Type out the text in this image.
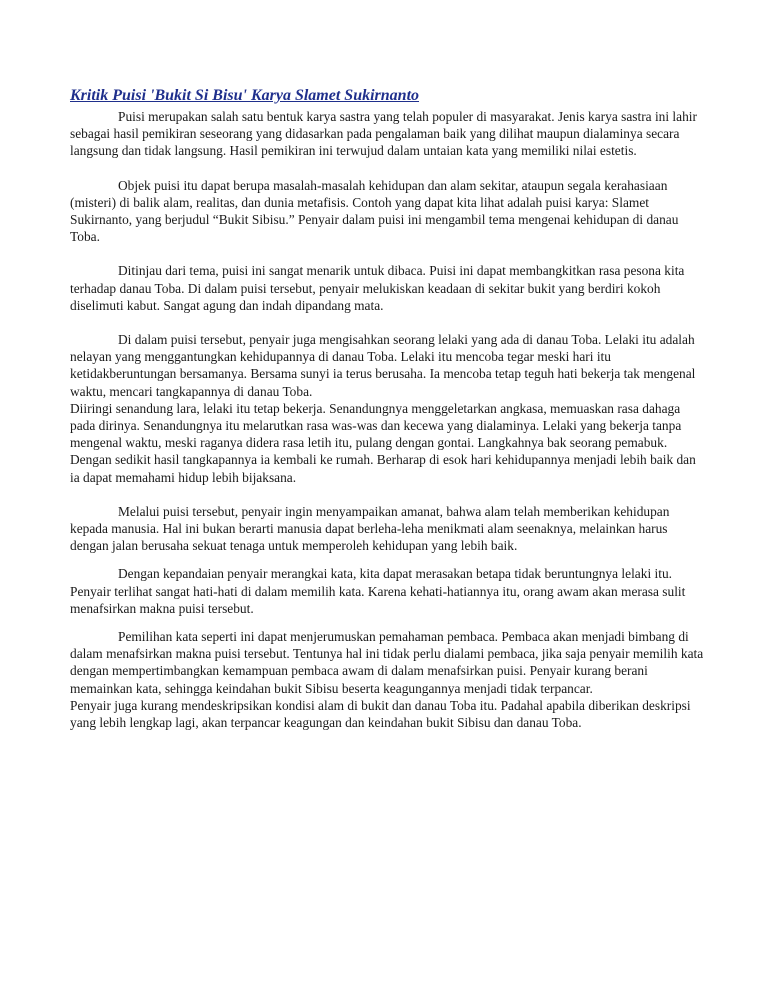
Kritik Puisi 'Bukit Si Bisu' Karya Slamet Sukirnanto

Puisi merupakan salah satu bentuk karya sastra yang telah populer di masyarakat. Jenis karya sastra ini lahir sebagai hasil pemikiran seseorang yang didasarkan pada pengalaman baik yang dilihat maupun dialaminya secara langsung dan tidak langsung. Hasil pemikiran ini terwujud dalam untaian kata yang memiliki nilai estetis.

Objek puisi itu dapat berupa masalah-masalah kehidupan dan alam sekitar, ataupun segala kerahasiaan (misteri) di balik alam, realitas, dan dunia metafisis. Contoh yang dapat kita lihat adalah puisi karya: Slamet Sukirnanto, yang berjudul “Bukit Sibisu.” Penyair dalam puisi ini mengambil tema mengenai kehidupan di danau Toba.

Ditinjau dari tema, puisi ini sangat menarik untuk dibaca. Puisi ini dapat membangkitkan rasa pesona kita terhadap danau Toba. Di dalam puisi tersebut, penyair melukiskan keadaan di sekitar bukit yang berdiri kokoh diselimuti kabut. Sangat agung dan indah dipandang mata.

Di dalam puisi tersebut, penyair juga mengisahkan seorang lelaki yang ada di danau Toba. Lelaki itu adalah nelayan yang menggantungkan kehidupannya di danau Toba. Lelaki itu mencoba tegar meski hari itu ketidakberuntungan bersamanya. Bersama sunyi ia terus berusaha. Ia mencoba tetap teguh hati bekerja tak mengenal waktu, mencari tangkapannya di danau Toba.

Diiringi senandung lara, lelaki itu tetap bekerja. Senandungnya menggeletarkan angkasa, memuaskan rasa dahaga pada dirinya. Senandungnya itu melarutkan rasa was-was dan kecewa yang dialaminya. Lelaki yang bekerja tanpa mengenal waktu, meski raganya didera rasa letih itu, pulang dengan gontai. Langkahnya bak seorang pemabuk. Dengan sedikit hasil tangkapannya ia kembali ke rumah. Berharap di esok hari kehidupannya menjadi lebih baik dan ia dapat memahami hidup lebih bijaksana.

Melalui puisi tersebut, penyair ingin menyampaikan amanat, bahwa alam telah memberikan kehidupan kepada manusia. Hal ini bukan berarti manusia dapat berleha-leha menikmati alam seenaknya, melainkan harus dengan jalan berusaha sekuat tenaga untuk memperoleh kehidupan yang lebih baik.

Dengan kepandaian penyair merangkai kata, kita dapat merasakan betapa tidak beruntungnya lelaki itu. Penyair terlihat sangat hati-hati di dalam memilih kata. Karena kehati-hatiannya itu, orang awam akan merasa sulit menafsirkan makna puisi tersebut.

Pemilihan kata seperti ini dapat menjerumuskan pemahaman pembaca. Pembaca akan menjadi bimbang di dalam menafsirkan makna puisi tersebut. Tentunya hal ini tidak perlu dialami pembaca, jika saja penyair memilih kata dengan mempertimbangkan kemampuan pembaca awam di dalam menafsirkan puisi. Penyair kurang berani memainkan kata, sehingga keindahan bukit Sibisu beserta keagungannya menjadi tidak terpancar.

Penyair juga kurang mendeskripsikan kondisi alam di bukit dan danau Toba itu. Padahal apabila diberikan deskripsi yang lebih lengkap lagi, akan terpancar keagungan dan keindahan bukit Sibisu dan danau Toba.
